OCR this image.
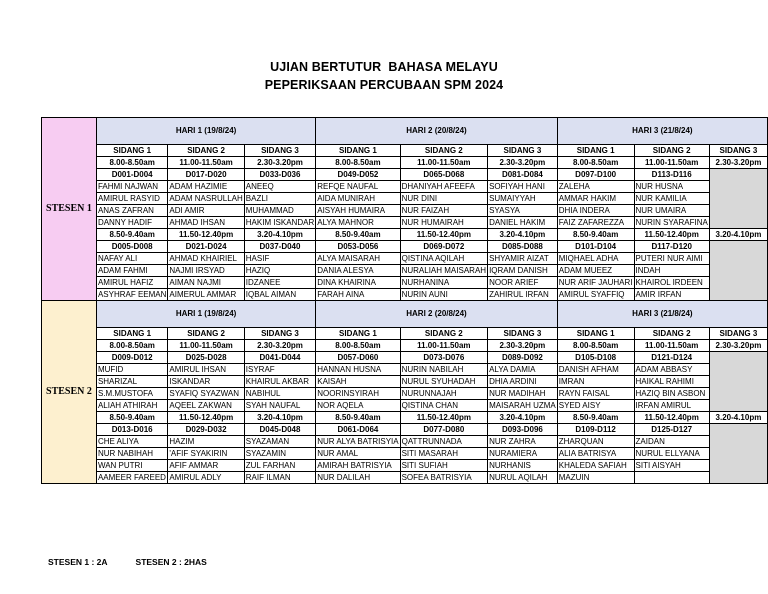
UJIAN BERTUTUR  BAHASA MELAYU
PEPERIKSAAN PERCUBAAN SPM 2024
STESEN 1	HARI 1 (19/8/24)			HARI 2 (20/8/24)			HARI 3 (21/8/24)		
	SIDANG 1	SIDANG 2	SIDANG 3	SIDANG 1	SIDANG 2	SIDANG 3	SIDANG 1	SIDANG 2	SIDANG 3
	8.00-8.50am	11.00-11.50am	2.30-3.20pm	8.00-8.50am	11.00-11.50am	2.30-3.20pm	8.00-8.50am	11.00-11.50am	2.30-3.20pm
	D001-D004	D017-D020	D033-D036	D049-D052	D065-D068	D081-D084	D097-D100	D113-D116	
	FAHMI NAJWAN	ADAM HAZIMIE	ANEEQ	REFQE NAUFAL	DHANIYAH AFEEFA	SOFIYAH HANI	ZALEHA	NUR HUSNA	
	AMIRUL RASYID	ADAM NASRULLAH	BAZLI	AIDA MUNIRAH	NUR DINI	SUMAIYYAH	AMMAR HAKIM	NUR KAMILIA	
	ANAS ZAFRAN	ADI AMIR	MUHAMMAD	AISYAH HUMAIRA	NUR FAIZAH	SYASYA	DHIA INDERA	NUR UMAIRA	
	DANNY HADIF	AHMAD IHSAN	HAKIM ISKANDAR	ALYA MAHNOR	NUR HUMAIRAH	DANIEL HAKIM	FAIZ ZAFAREZZA	NURIN SYARAFINA	
	8.50-9.40am	11.50-12.40pm	3.20-4.10pm	8.50-9.40am	11.50-12.40pm	3.20-4.10pm	8.50-9.40am	11.50-12.40pm	3.20-4.10pm
	D005-D008	D021-D024	D037-D040	D053-D056	D069-D072	D085-D088	D101-D104	D117-D120	
	NAFAY ALI	AHMAD KHAIRIEL	HASIF	ALYA MAISARAH	QISTINA AQILAH	SHYAMIR AIZAT	MIQHAEL ADHA	PUTERI NUR AIMI	
	ADAM FAHMI	NAJMI IRSYAD	HAZIQ	DANIA ALESYA	NURALIAH MAISARAH	IQRAM DANISH	ADAM MUEEZ	INDAH	
	AMIRUL HAFIZ	AIMAN NAJMI	IDZANEE	DINA KHAIRINA	NURHANINA	NOOR ARIEF	NUR ARIF JAUHARI	KHAIROL IRDEEN	
	ASYHRAF EEMAN	AIMERUL AMMAR	IQBAL AIMAN	FARAH AINA	NURIN AUNI	ZAHIRUL IRFAN	AMIRUL SYAFFIQ	AMIR IRFAN	
STESEN 2	HARI 1 (19/8/24)			HARI 2 (20/8/24)			HARI 3 (21/8/24)		
	SIDANG 1	SIDANG 2	SIDANG 3	SIDANG 1	SIDANG 2	SIDANG 3	SIDANG 1	SIDANG 2	SIDANG 3
	8.00-8.50am	11.00-11.50am	2.30-3.20pm	8.00-8.50am	11.00-11.50am	2.30-3.20pm	8.00-8.50am	11.00-11.50am	2.30-3.20pm
	D009-D012	D025-D028	D041-D044	D057-D060	D073-D076	D089-D092	D105-D108	D121-D124	
	MUFID	AMIRUL IHSAN	ISYRAF	HANNAN HUSNA	NURIN NABILAH	ALYA DAMIA	DANISH AFHAM	ADAM ABBASY	
	SHARIZAL	ISKANDAR	KHAIRUL AKBAR	KAISAH	NURUL SYUHADAH	DHIA ARDINI	IMRAN	HAIKAL RAHIMI	
	S.M.MUSTOFA	SYAFIQ SYAZWAN	NABIHUL	NOORINSYIRAH	NURUNNAJAH	NUR MADIHAH	RAYN FAISAL	HAZIQ BIN ASBON	
	ALIAH ATHIRAH	AQEEL ZAKWAN	SYAH NAUFAL	NOR AQELA	QISTINA CHAN	MAISARAH UZMA	SYED AISY	IRFAN AMIRUL	
	8.50-9.40am	11.50-12.40pm	3.20-4.10pm	8.50-9.40am	11.50-12.40pm	3.20-4.10pm	8.50-9.40am	11.50-12.40pm	3.20-4.10pm
	D013-D016	D029-D032	D045-D048	D061-D064	D077-D080	D093-D096	D109-D112	D125-D127	
	CHE ALIYA	HAZIM	SYAZAMAN	NUR ALYA BATRISYIA	QATTRUNNADA	NUR ZAHRA	ZHARQUAN	ZAIDAN	
	NUR NABIHAH	'AFIF SYAKIRIN	SYAZAMIN	NUR AMAL	SITI MASARAH	NURAMIERA	ALIA BATRISYA	NURUL ELLYANA	
	WAN PUTRI	AFIF AMMAR	ZUL FARHAN	AMIRAH BATRISYIA	SITI SUFIAH	NURHANIS	KHALEDA SAFIAH	SITI AISYAH	
	AAMEER FAREED	AMIRUL ADLY	RAIF ILMAN	NUR DALILAH	SOFEA BATRISYIA	NURUL AQILAH	MAZUIN		
STESEN 1 : 2A	STESEN 2 : 2HAS
